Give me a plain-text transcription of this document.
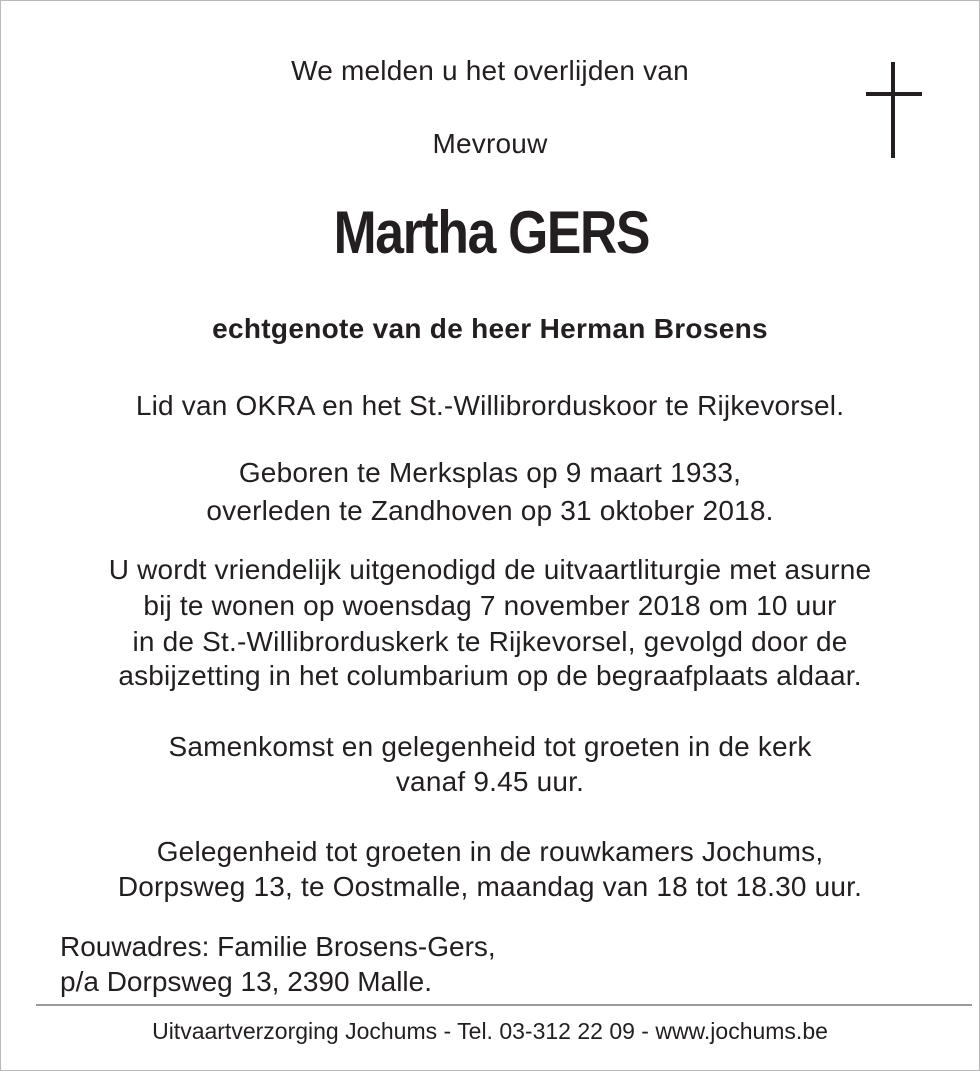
We melden u het overlijden van
Mevrouw
Martha GERS
echtgenote van de heer Herman Brosens
Lid van OKRA en het St.-Willibrorduskoor te Rijkevorsel.
Geboren te Merksplas op 9 maart 1933,
overleden te Zandhoven op 31 oktober 2018.
U wordt vriendelijk uitgenodigd de uitvaartliturgie met asurne
bij te wonen op woensdag 7 november 2018 om 10 uur
in de St.-Willibrorduskerk te Rijkevorsel, gevolgd door de
asbijzetting in het columbarium op de begraafplaats aldaar.
Samenkomst en gelegenheid tot groeten in de kerk
vanaf 9.45 uur.
Gelegenheid tot groeten in de rouwkamers Jochums,
Dorpsweg 13, te Oostmalle, maandag van 18 tot 18.30 uur.
Rouwadres: Familie Brosens-Gers,
p/a Dorpsweg 13, 2390 Malle.
Uitvaartverzorging Jochums - Tel. 03-312 22 09 - www.jochums.be
